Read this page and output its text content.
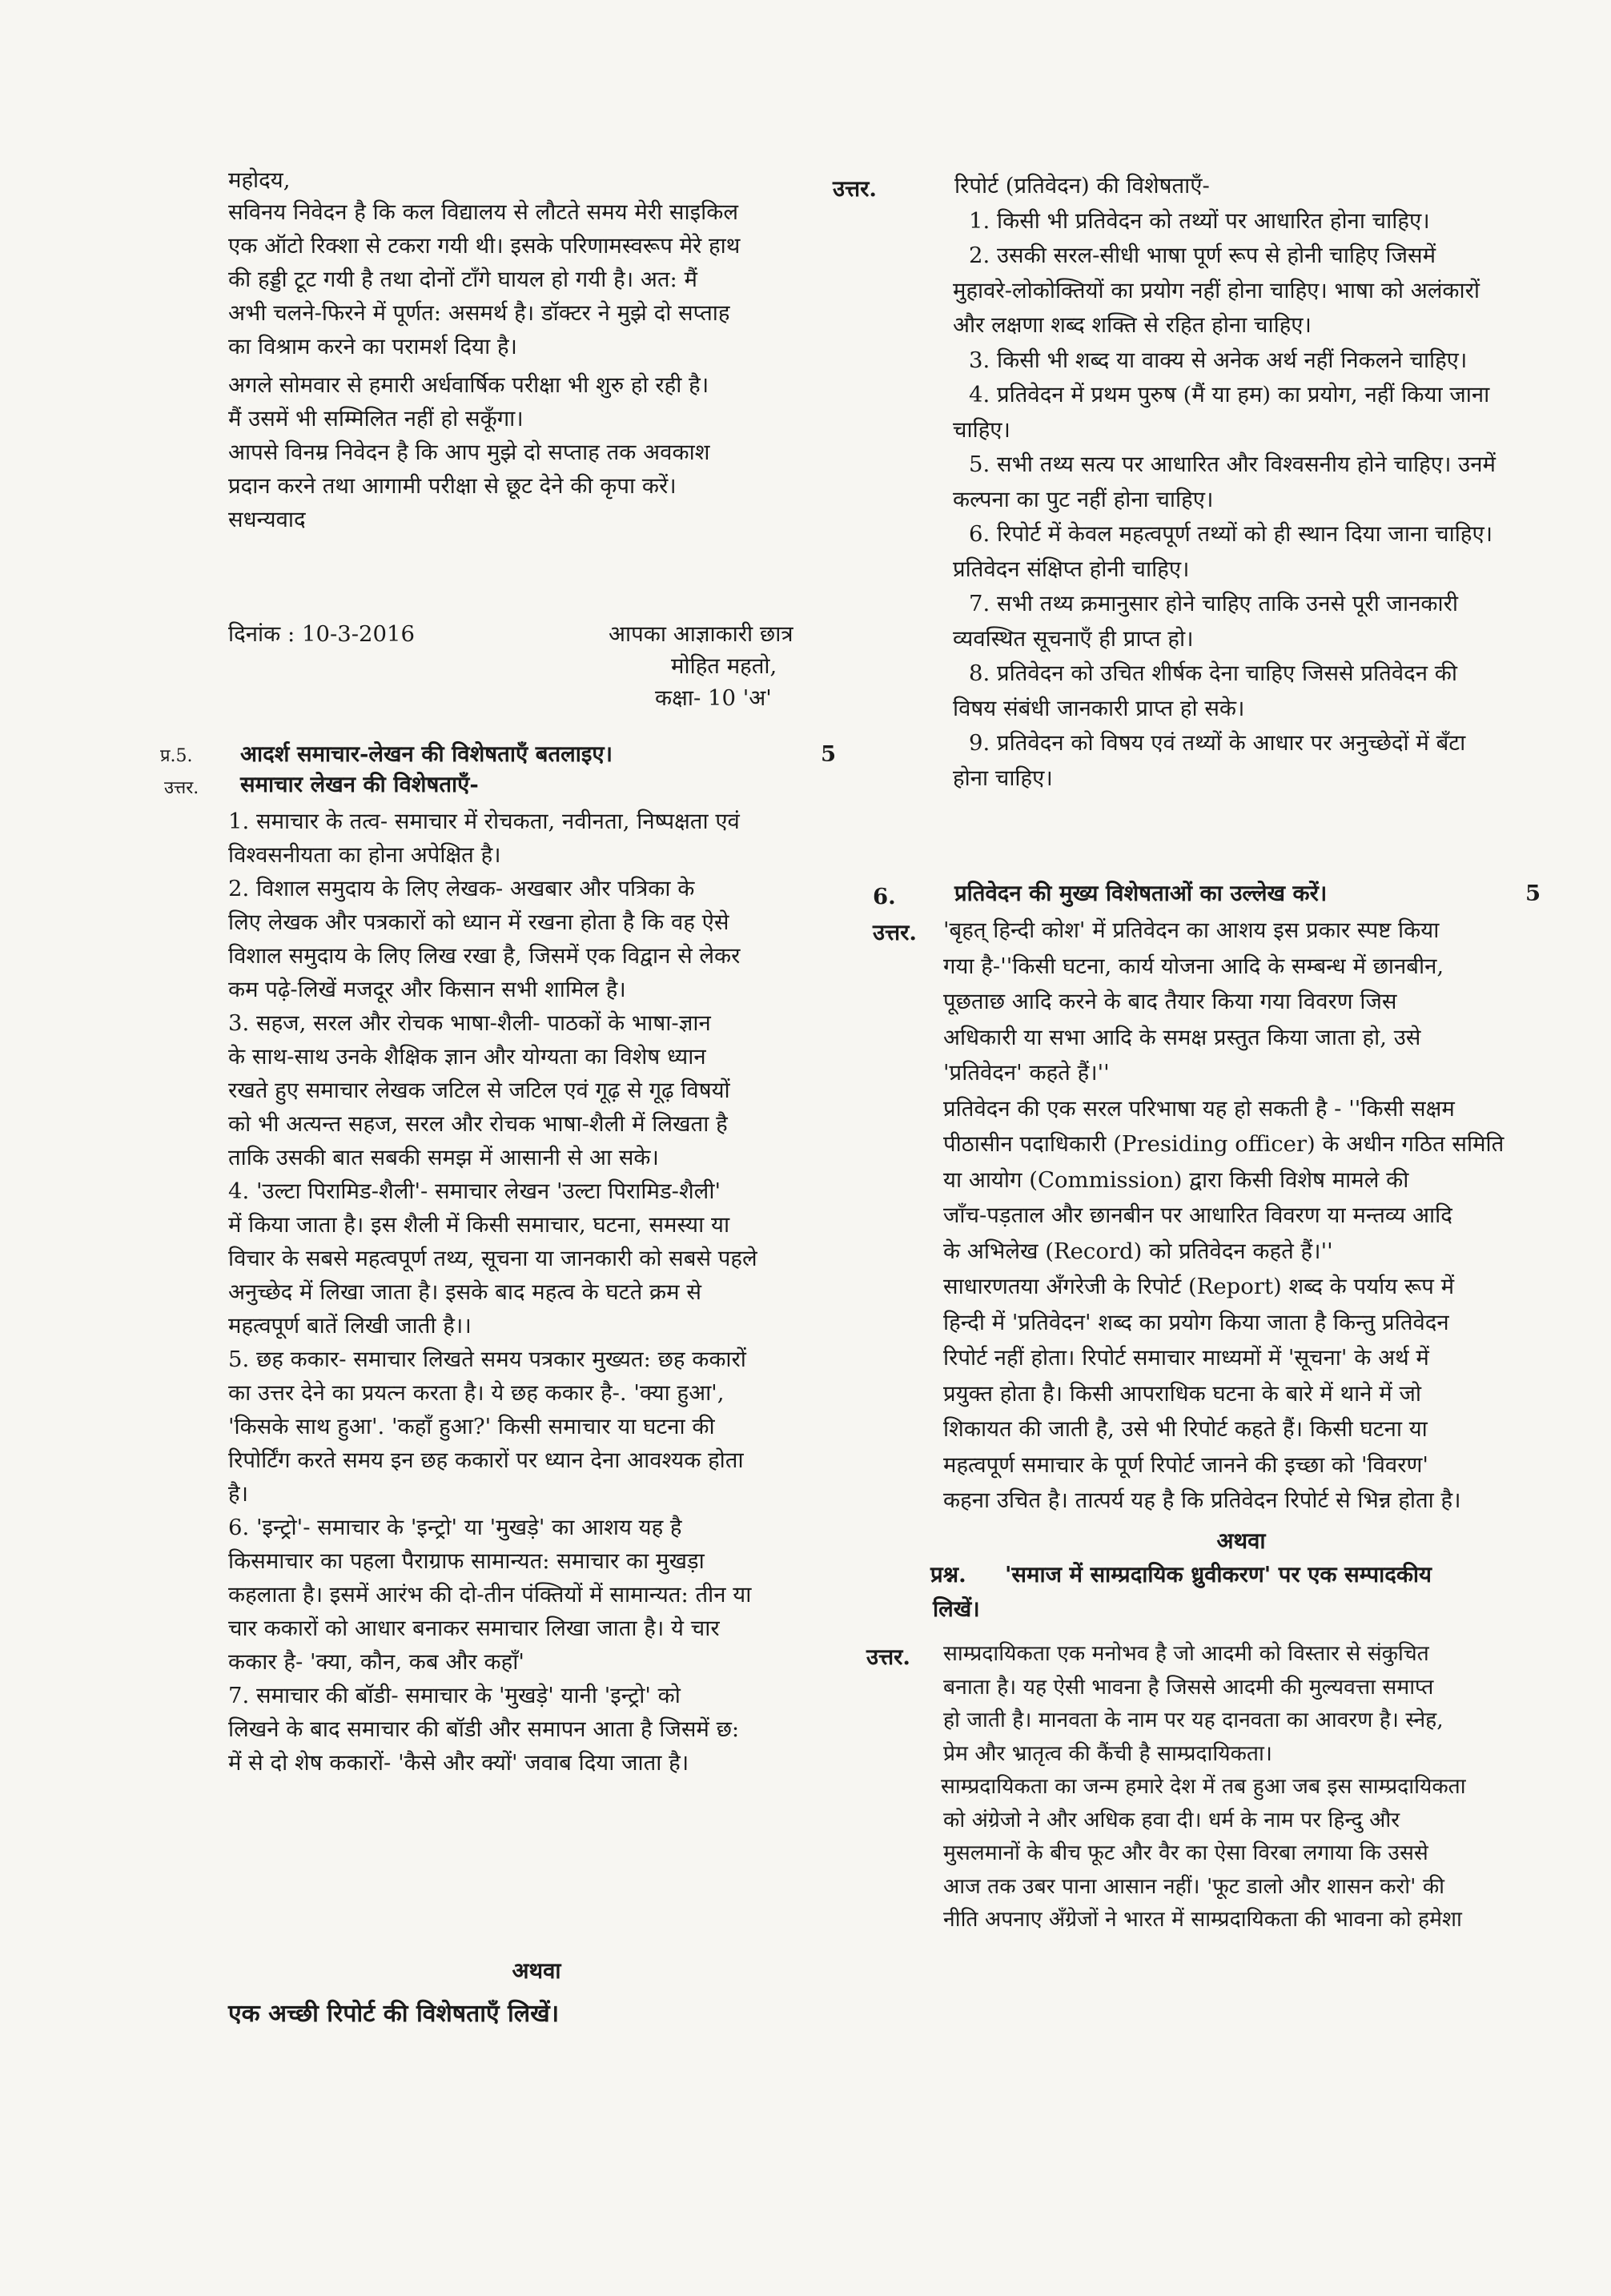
महोदय,
सविनय निवेदन है कि कल विद्यालय से लौटते समय मेरी साइकिल
एक ऑटो रिक्शा से टकरा गयी थी। इसके परिणामस्वरूप मेरे हाथ
की हड्डी टूट गयी है तथा दोनों टाँगे घायल हो गयी है। अत: मैं
अभी चलने-फिरने में पूर्णत: असमर्थ है। डॉक्टर ने मुझे दो सप्ताह
का विश्राम करने का परामर्श दिया है।
अगले सोमवार से हमारी अर्धवार्षिक परीक्षा भी शुरु हो रही है।
मैं उसमें भी सम्मिलित नहीं हो सकूँगा।
आपसे विनम्र निवेदन है कि आप मुझे दो सप्ताह तक अवकाश
प्रदान करने तथा आगामी परीक्षा से छूट देने की कृपा करें।
सधन्यवाद
दिनांक : 10-3-2016	आपका आज्ञाकारी छात्र
मोहित महतो,
कक्षा- 10 'अ'
प्र.5. आदर्श समाचार-लेखन की विशेषताएँ बतलाइए।	5
उत्तर. समाचार लेखन की विशेषताएँ-
1. समाचार के तत्व- समाचार में रोचकता, नवीनता, निष्पक्षता एवं
विश्वसनीयता का होना अपेक्षित है।
2. विशाल समुदाय के लिए लेखक- अखबार और पत्रिका के
लिए लेखक और पत्रकारों को ध्यान में रखना होता है कि वह ऐसे
विशाल समुदाय के लिए लिख रखा है, जिसमें एक विद्वान से लेकर
कम पढ़े-लिखें मजदूर और किसान सभी शामिल है।
3. सहज, सरल और रोचक भाषा-शैली- पाठकों के भाषा-ज्ञान
के साथ-साथ उनके शैक्षिक ज्ञान और योग्यता का विशेष ध्यान
रखते हुए समाचार लेखक जटिल से जटिल एवं गूढ़ से गूढ़ विषयों
को भी अत्यन्त सहज, सरल और रोचक भाषा-शैली में लिखता है
ताकि उसकी बात सबकी समझ में आसानी से आ सके।
4. 'उल्टा पिरामिड-शैली'- समाचार लेखन 'उल्टा पिरामिड-शैली'
में किया जाता है। इस शैली में किसी समाचार, घटना, समस्या या
विचार के सबसे महत्वपूर्ण तथ्य, सूचना या जानकारी को सबसे पहले
अनुच्छेद में लिखा जाता है। इसके बाद महत्व के घटते क्रम से
महत्वपूर्ण बातें लिखी जाती है।।
5. छह ककार- समाचार लिखते समय पत्रकार मुख्यत: छह ककारों
का उत्तर देने का प्रयत्न करता है। ये छह ककार है-. 'क्या हुआ',
'किसके साथ हुआ'. 'कहाँ हुआ?' किसी समाचार या घटना की
रिपोर्टिंग करते समय इन छह ककारों पर ध्यान देना आवश्यक होता
है।
6. 'इन्ट्रो'- समाचार के 'इन्ट्रो' या 'मुखड़े' का आशय यह है
किसमाचार का पहला पैराग्राफ सामान्यत: समाचार का मुखड़ा
कहलाता है। इसमें आरंभ की दो-तीन पंक्तियों में सामान्यत: तीन या
चार ककारों को आधार बनाकर समाचार लिखा जाता है। ये चार
ककार है- 'क्या, कौन, कब और कहाँ'
7. समाचार की बॉडी- समाचार के 'मुखड़े' यानी 'इन्ट्रो' को
लिखने के बाद समाचार की बॉडी और समापन आता है जिसमें छ:
में से दो शेष ककारों- 'कैसे और क्यों' जवाब दिया जाता है।
अथवा
एक अच्छी रिपोर्ट की विशेषताएँ लिखें।
उत्तर.	रिपोर्ट (प्रतिवेदन) की विशेषताएँ-
1. किसी भी प्रतिवेदन को तथ्यों पर आधारित होना चाहिए।
2. उसकी सरल-सीधी भाषा पूर्ण रूप से होनी चाहिए जिसमें
मुहावरे-लोकोक्तियों का प्रयोग नहीं होना चाहिए। भाषा को अलंकारों
और लक्षणा शब्द शक्ति से रहित होना चाहिए।
3. किसी भी शब्द या वाक्य से अनेक अर्थ नहीं निकलने चाहिए।
4. प्रतिवेदन में प्रथम पुरुष (मैं या हम) का प्रयोग, नहीं किया जाना
चाहिए।
5. सभी तथ्य सत्य पर आधारित और विश्वसनीय होने चाहिए। उनमें
कल्पना का पुट नहीं होना चाहिए।
6. रिपोर्ट में केवल महत्वपूर्ण तथ्यों को ही स्थान दिया जाना चाहिए।
प्रतिवेदन संक्षिप्त होनी चाहिए।
7. सभी तथ्य क्रमानुसार होने चाहिए ताकि उनसे पूरी जानकारी
व्यवस्थित सूचनाएँ ही प्राप्त हो।
8. प्रतिवेदन को उचित शीर्षक देना चाहिए जिससे प्रतिवेदन की
विषय संबंधी जानकारी प्राप्त हो सके।
9. प्रतिवेदन को विषय एवं तथ्यों के आधार पर अनुच्छेदों में बँटा
होना चाहिए।
6.	प्रतिवेदन की मुख्य विशेषताओं का उल्लेख करें।	5
उत्तर. 'बृहत् हिन्दी कोश' में प्रतिवेदन का आशय इस प्रकार स्पष्ट किया
गया है-''किसी घटना, कार्य योजना आदि के सम्बन्ध में छानबीन,
पूछताछ आदि करने के बाद तैयार किया गया विवरण जिस
अधिकारी या सभा आदि के समक्ष प्रस्तुत किया जाता हो, उसे
'प्रतिवेदन' कहते हैं।''
प्रतिवेदन की एक सरल परिभाषा यह हो सकती है - ''किसी सक्षम
पीठासीन पदाधिकारी (Presiding officer) के अधीन गठित समिति
या आयोग (Commission) द्वारा किसी विशेष मामले की
जाँच-पड़ताल और छानबीन पर आधारित विवरण या मन्तव्य आदि
के अभिलेख (Record) को प्रतिवेदन कहते हैं।''
साधारणतया अँगरेजी के रिपोर्ट (Report) शब्द के पर्याय रूप में
हिन्दी में 'प्रतिवेदन' शब्द का प्रयोग किया जाता है किन्तु प्रतिवेदन
रिपोर्ट नहीं होता। रिपोर्ट समाचार माध्यमों में 'सूचना' के अर्थ में
प्रयुक्त होता है। किसी आपराधिक घटना के बारे में थाने में जो
शिकायत की जाती है, उसे भी रिपोर्ट कहते हैं। किसी घटना या
महत्वपूर्ण समाचार के पूर्ण रिपोर्ट जानने की इच्छा को 'विवरण'
कहना उचित है। तात्पर्य यह है कि प्रतिवेदन रिपोर्ट से भिन्न होता है।
अथवा
प्रश्न. 'समाज में साम्प्रदायिक ध्रुवीकरण' पर एक सम्पादकीय
लिखें।
उत्तर. साम्प्रदायिकता एक मनोभव है जो आदमी को विस्तार से संकुचित
बनाता है। यह ऐसी भावना है जिससे आदमी की मुल्यवत्ता समाप्त
हो जाती है। मानवता के नाम पर यह दानवता का आवरण है। स्नेह,
प्रेम और भ्रातृत्व की कैंची है साम्प्रदायिकता।
साम्प्रदायिकता का जन्म हमारे देश में तब हुआ जब इस साम्प्रदायिकता
को अंग्रेजो ने और अधिक हवा दी। धर्म के नाम पर हिन्दु और
मुसलमानों के बीच फूट और वैर का ऐसा विरबा लगाया कि उससे
आज तक उबर पाना आसान नहीं। 'फूट डालो और शासन करो' की
नीति अपनाए अँग्रेजों ने भारत में साम्प्रदायिकता की भावना को हमेशा
